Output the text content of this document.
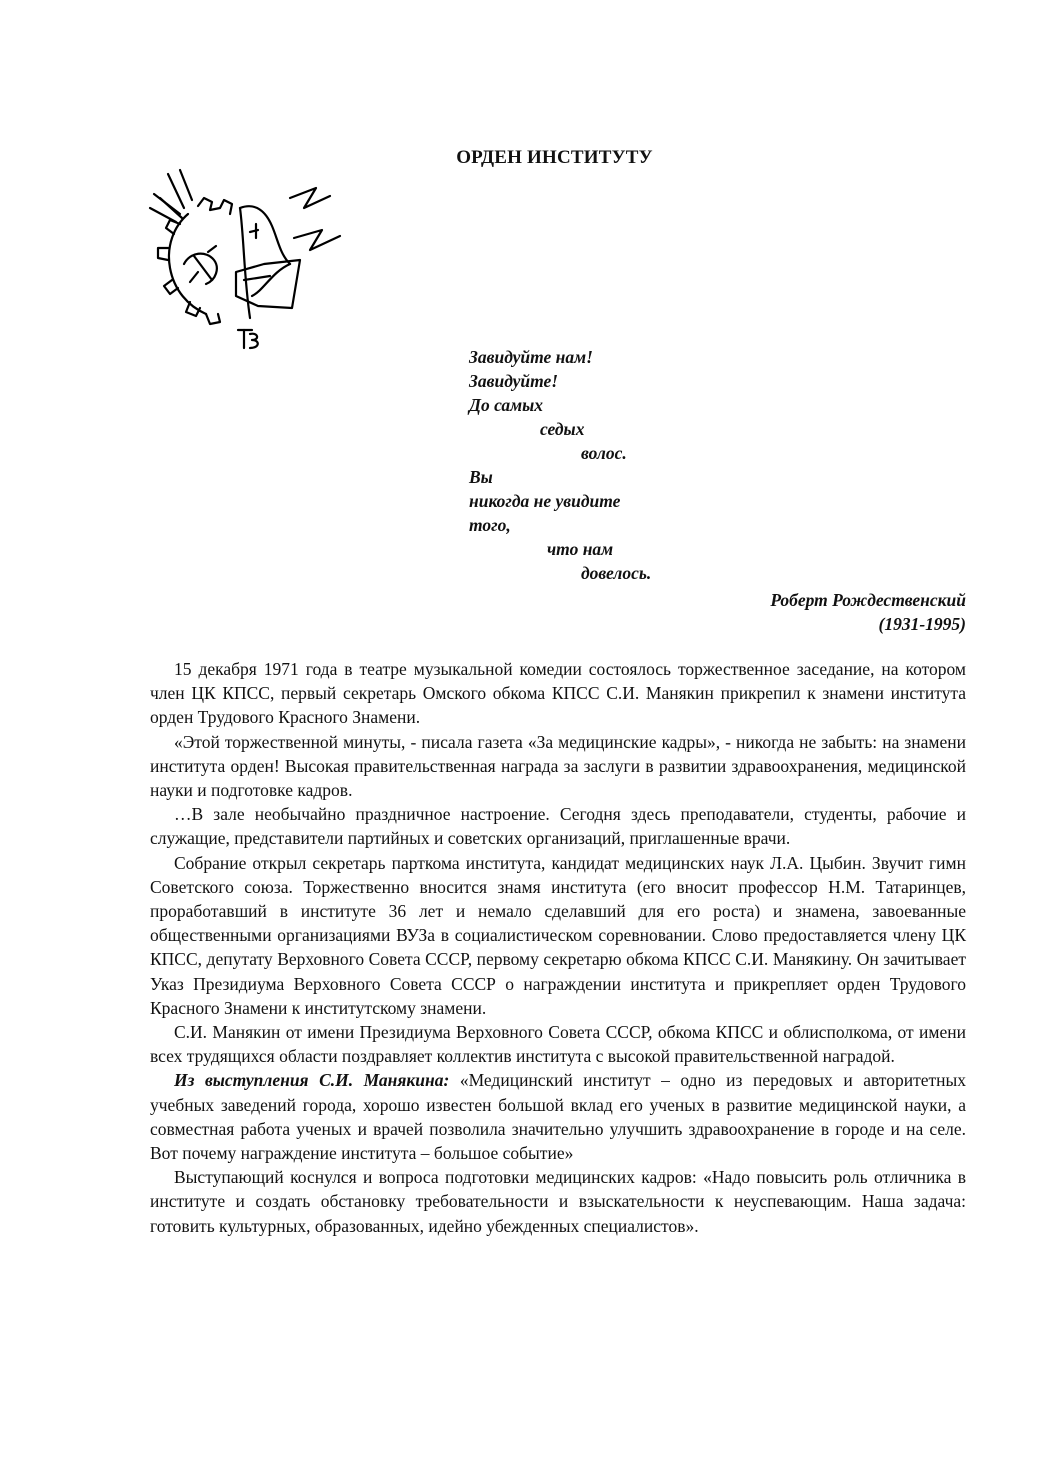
ОРДЕН ИНСТИТУТУ
Завидуйте нам!
Завидуйте!
До самых
седых
волос.
Вы
никогда не увидите
того,
что нам
довелось.
Роберт Рождественский
(1931-1995)

15 декабря 1971 года в театре музыкальной комедии состоялось торжественное заседание, на котором член ЦК КПСС, первый секретарь Омского обкома КПСС С.И. Манякин прикрепил к знамени института орден Трудового Красного Знамени.

«Этой торжественной минуты, - писала газета «За медицинские кадры», - никогда не забыть: на знамени института орден! Высокая правительственная награда за заслуги в развитии здравоохранения, медицинской науки и подготовке кадров.

…В зале необычайно праздничное настроение. Сегодня здесь преподаватели, студенты, рабочие и служащие, представители партийных и советских организаций, приглашенные врачи.

Собрание открыл секретарь парткома института, кандидат медицинских наук Л.А. Цыбин. Звучит гимн Советского союза. Торжественно вносится знамя института (его вносит профессор Н.М. Татаринцев, проработавший в институте 36 лет и немало сделавший для его роста) и знамена, завоеванные общественными организациями ВУЗа в социалистическом соревновании. Слово предоставляется члену ЦК КПСС, депутату Верховного Совета СССР, первому секретарю обкома КПСС С.И. Манякину. Он зачитывает Указ Президиума Верховного Совета СССР о награждении института и прикрепляет орден Трудового Красного Знамени к институтскому знамени.

С.И. Манякин от имени Президиума Верховного Совета СССР, обкома КПСС и облисполкома, от имени всех трудящихся области поздравляет коллектив института с высокой правительственной наградой.

Из выступления С.И. Манякина: «Медицинский институт – одно из передовых и авторитетных учебных заведений города, хорошо известен большой вклад его ученых в развитие медицинской науки, а совместная работа ученых и врачей позволила значительно улучшить здравоохранение в городе и на селе. Вот почему награждение института – большое событие»

Выступающий коснулся и вопроса подготовки медицинских кадров: «Надо повысить роль отличника в институте и создать обстановку требовательности и взыскательности к неуспевающим. Наша задача: готовить культурных, образованных, идейно убежденных специалистов».
